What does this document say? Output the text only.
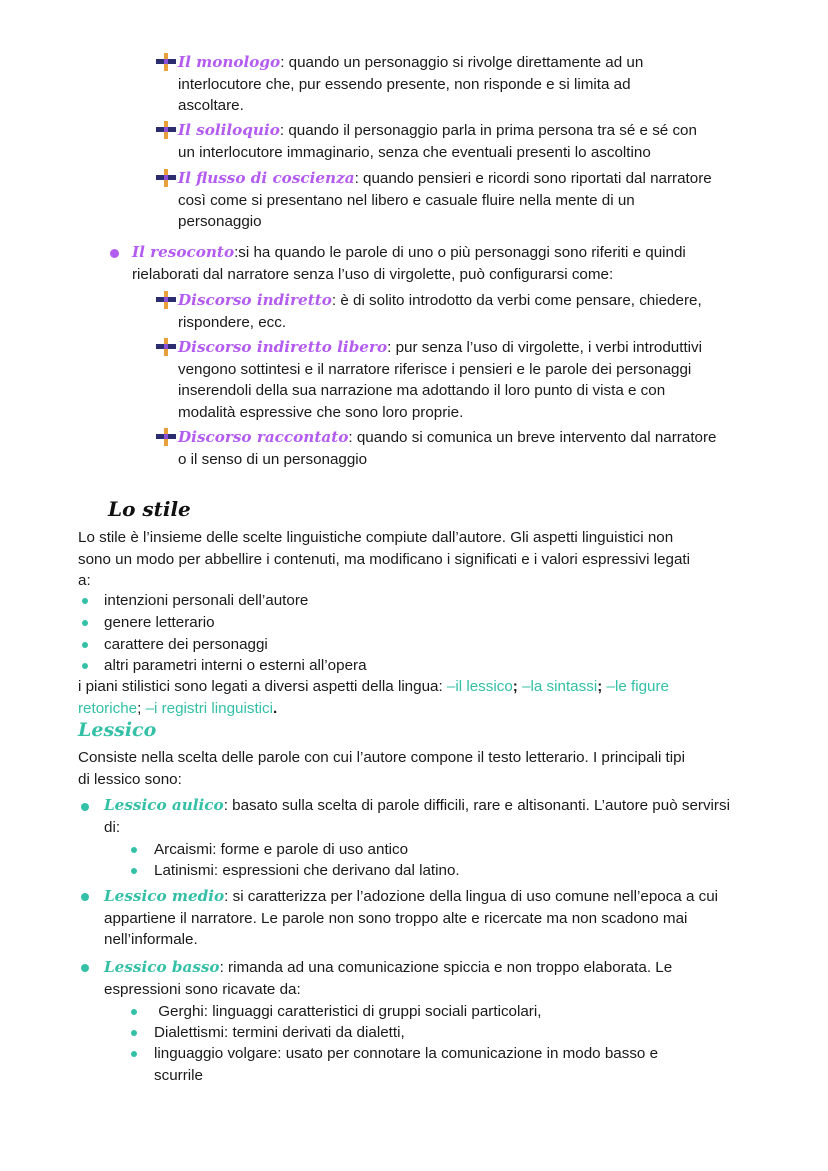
Il monologo: quando un personaggio si rivolge direttamente ad un

interlocutore che, pur essendo presente, non risponde e si limita ad

ascoltare.

Il soliloquio: quando il personaggio parla in prima persona tra sé e sé con

un interlocutore immaginario, senza che eventuali presenti lo ascoltino

Il flusso di coscienza: quando pensieri e ricordi sono riportati dal narratore

così come si presentano nel libero e casuale fluire nella mente di un

personaggio

Il resoconto:si ha quando le parole di uno o più personaggi sono riferiti e quindi

rielaborati dal narratore senza l’uso di virgolette, può configurarsi come:

Discorso indiretto: è di solito introdotto da verbi come pensare, chiedere,

rispondere, ecc.

Discorso indiretto libero: pur senza l’uso di virgolette, i verbi introduttivi

vengono sottintesi e il narratore riferisce i pensieri e le parole dei personaggi

inserendoli della sua narrazione ma adottando il loro punto di vista e con

modalità espressive che sono loro proprie.

Discorso raccontato: quando si comunica un breve intervento dal narratore

o il senso di un personaggio

Lo stile

Lo stile è l’insieme delle scelte linguistiche compiute dall’autore. Gli aspetti linguistici non

sono un modo per abbellire i contenuti, ma modificano i significati e i valori espressivi legati

a:

intenzioni personali dell’autore

genere letterario

carattere dei personaggi

altri parametri interni o esterni all’opera

i piani stilistici sono legati a diversi aspetti della lingua: –il lessico; –la sintassi; –le figure

retoriche; –i registri linguistici.

Lessico

Consiste nella scelta delle parole con cui l’autore compone il testo letterario. I principali tipi

di lessico sono:

Lessico aulico: basato sulla scelta di parole difficili, rare e altisonanti. L’autore può servirsi

di:

Arcaismi: forme e parole di uso antico

Latinismi: espressioni che derivano dal latino.

Lessico medio: si caratterizza per l’adozione della lingua di uso comune nell’epoca a cui

appartiene il narratore. Le parole non sono troppo alte e ricercate ma non scadono mai

nell’informale.

Lessico basso: rimanda ad una comunicazione spiccia e non troppo elaborata. Le

espressioni sono ricavate da:

Gerghi: linguaggi caratteristici di gruppi sociali particolari,

Dialettismi: termini derivati da dialetti,

linguaggio volgare: usato per connotare la comunicazione in modo basso e

scurrile
